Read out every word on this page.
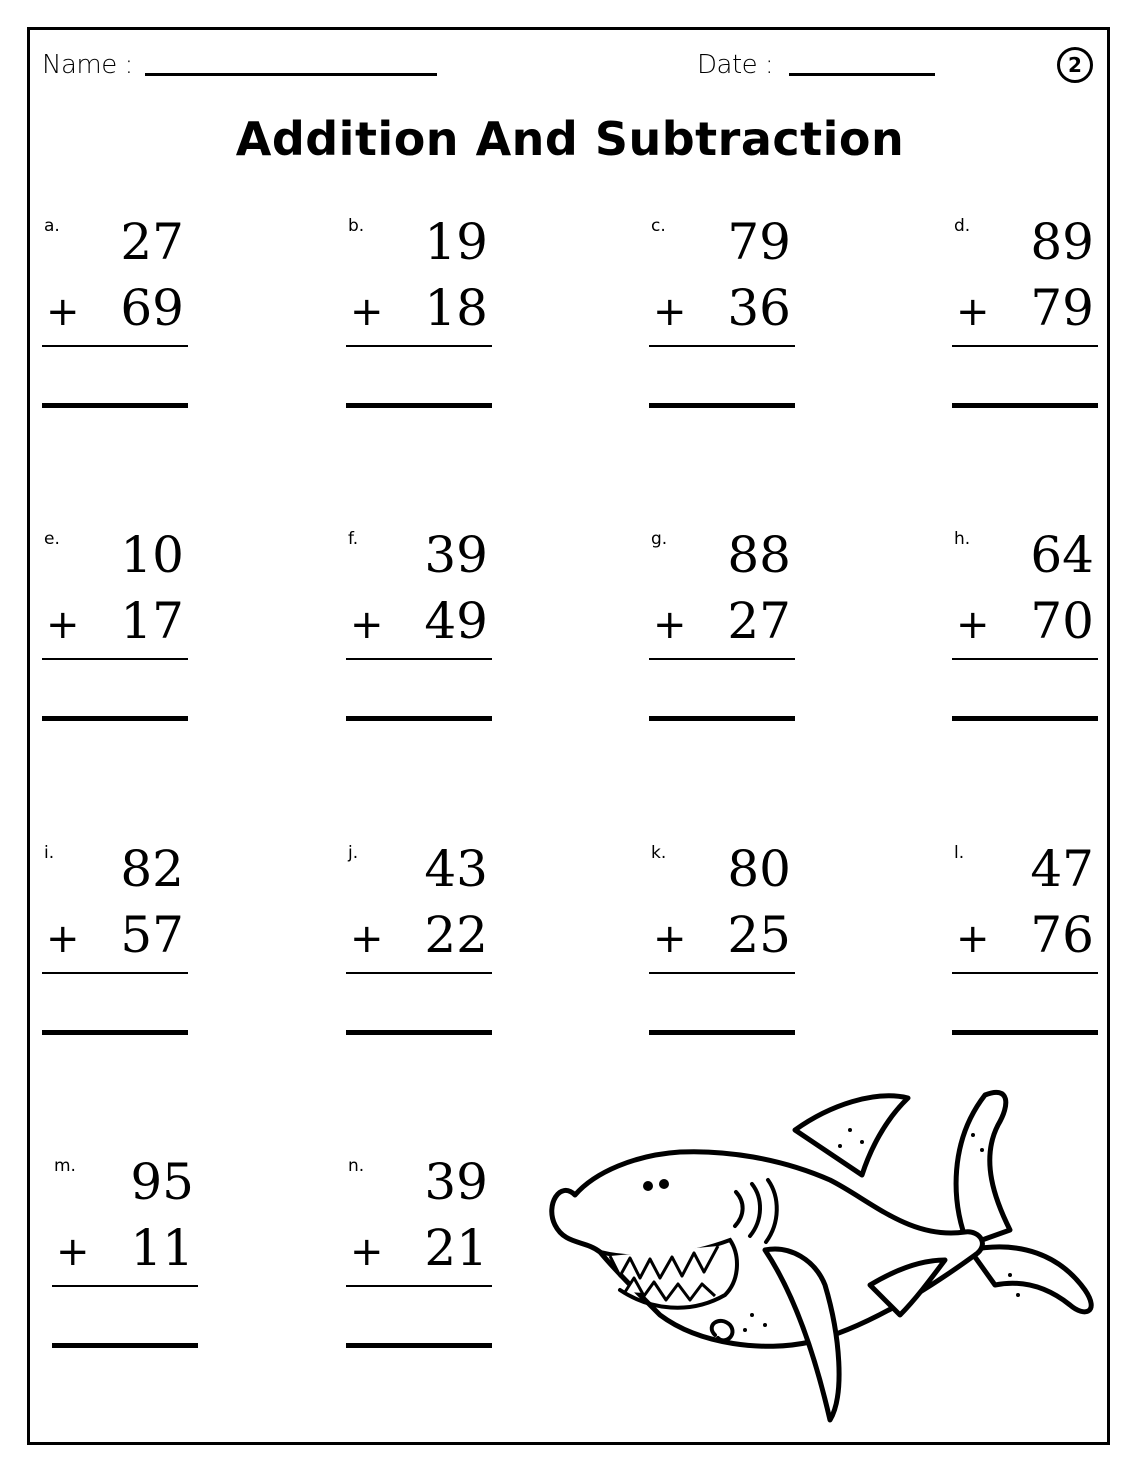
Name :	Date :	2
Addition And Subtraction
a. 27
+ 69
b. 19
+ 18
c. 79
+ 36
d. 89
+ 79
e. 10
+ 17
f. 39
+ 49
g. 88
+ 27
h. 64
+ 70
i. 82
+ 57
j. 43
+ 22
k. 80
+ 25
l. 47
+ 76
m. 95
+ 11
n. 39
+ 21
